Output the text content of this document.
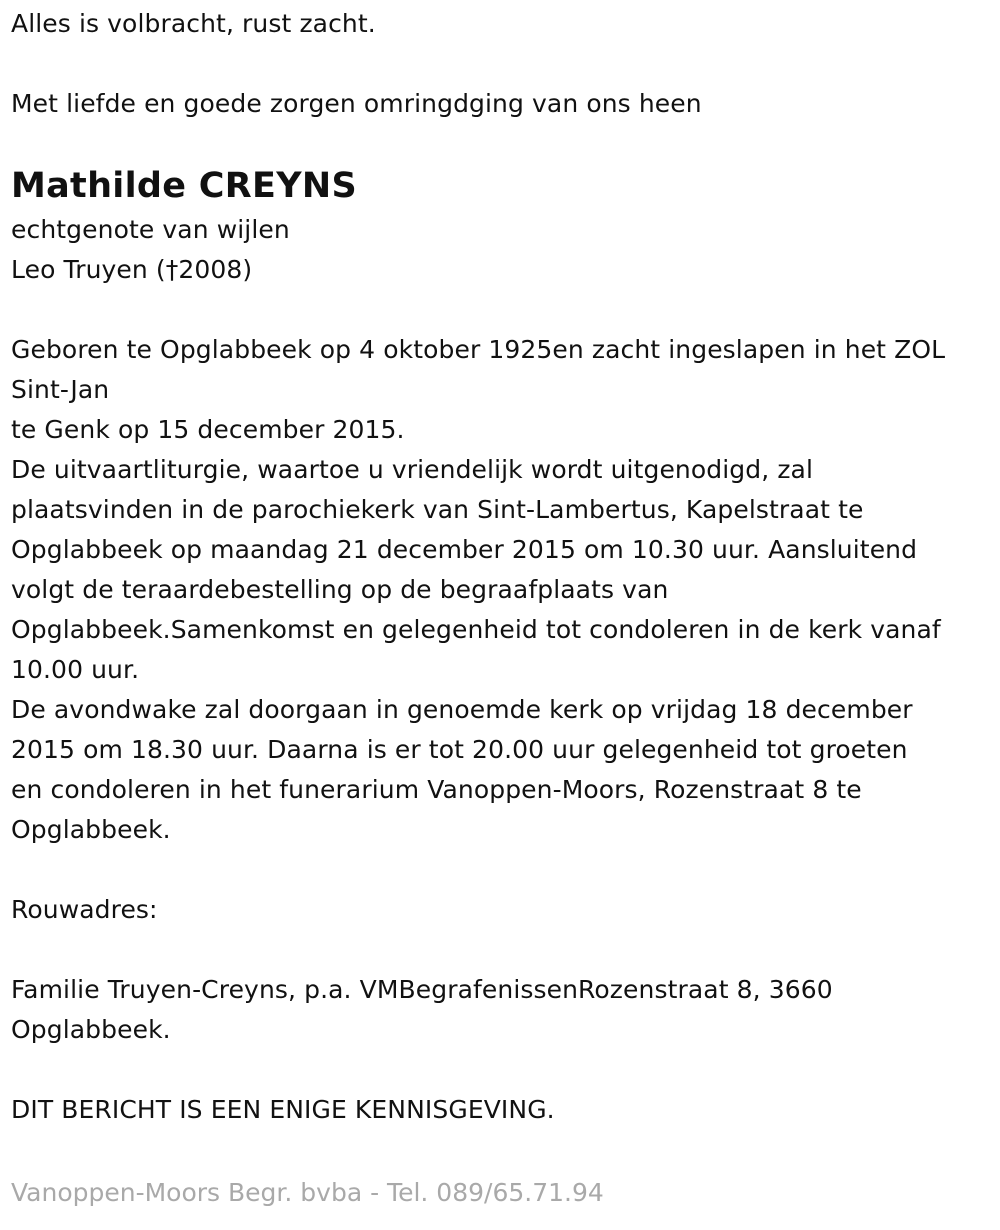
Alles is volbracht, rust zacht.

Met liefde en goede zorgen omringdging van ons heen

Mathilde CREYNS

echtgenote van wijlen

Leo Truyen (†2008)

Geboren te Opglabbeek op 4 oktober 1925en zacht ingeslapen in het ZOL

Sint-Jan

te Genk op 15 december 2015.

De uitvaartliturgie, waartoe u vriendelijk wordt uitgenodigd, zal

plaatsvinden in de parochiekerk van Sint-Lambertus, Kapelstraat te

Opglabbeek op maandag 21 december 2015 om 10.30 uur. Aansluitend

volgt de teraardebestelling op de begraafplaats van

Opglabbeek.Samenkomst en gelegenheid tot condoleren in de kerk vanaf

10.00 uur.

De avondwake zal doorgaan in genoemde kerk op vrijdag 18 december

2015 om 18.30 uur. Daarna is er tot 20.00 uur gelegenheid tot groeten

en condoleren in het funerarium Vanoppen-Moors, Rozenstraat 8 te

Opglabbeek.

Rouwadres:

Familie Truyen-Creyns, p.a. VMBegrafenissenRozenstraat 8, 3660

Opglabbeek.

DIT BERICHT IS EEN ENIGE KENNISGEVING.

Vanoppen-Moors Begr. bvba - Tel. 089/65.71.94
